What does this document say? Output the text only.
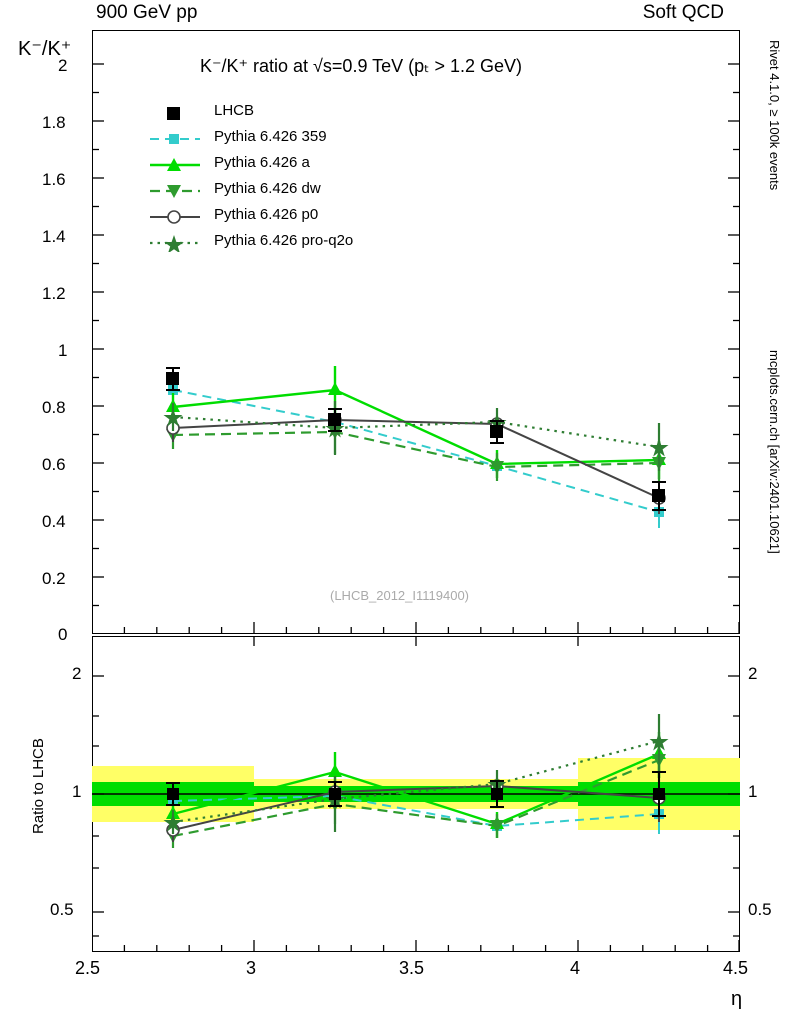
900 GeV pp	Soft QCD
Rivet 4.1.0, ≥ 100k events
mcplots.cern.ch [arXiv:2401.10621]
K⁻/K⁺
K⁻/K⁺ ratio at √s=0.9 TeV (pₜ > 1.2 GeV)
(LHCB_2012_I1119400)
0
0.2
0.4
0.6
0.8
1
1.2
1.4
1.6
1.8
2
LHCB
Pythia 6.426 359
Pythia 6.426 a
Pythia 6.426 dw
Pythia 6.426 p0
Pythia 6.426 pro-q2o
Ratio to LHCB
0.5
1
2
0.5
1
2
2.5	3	3.5	4	4.5
η
